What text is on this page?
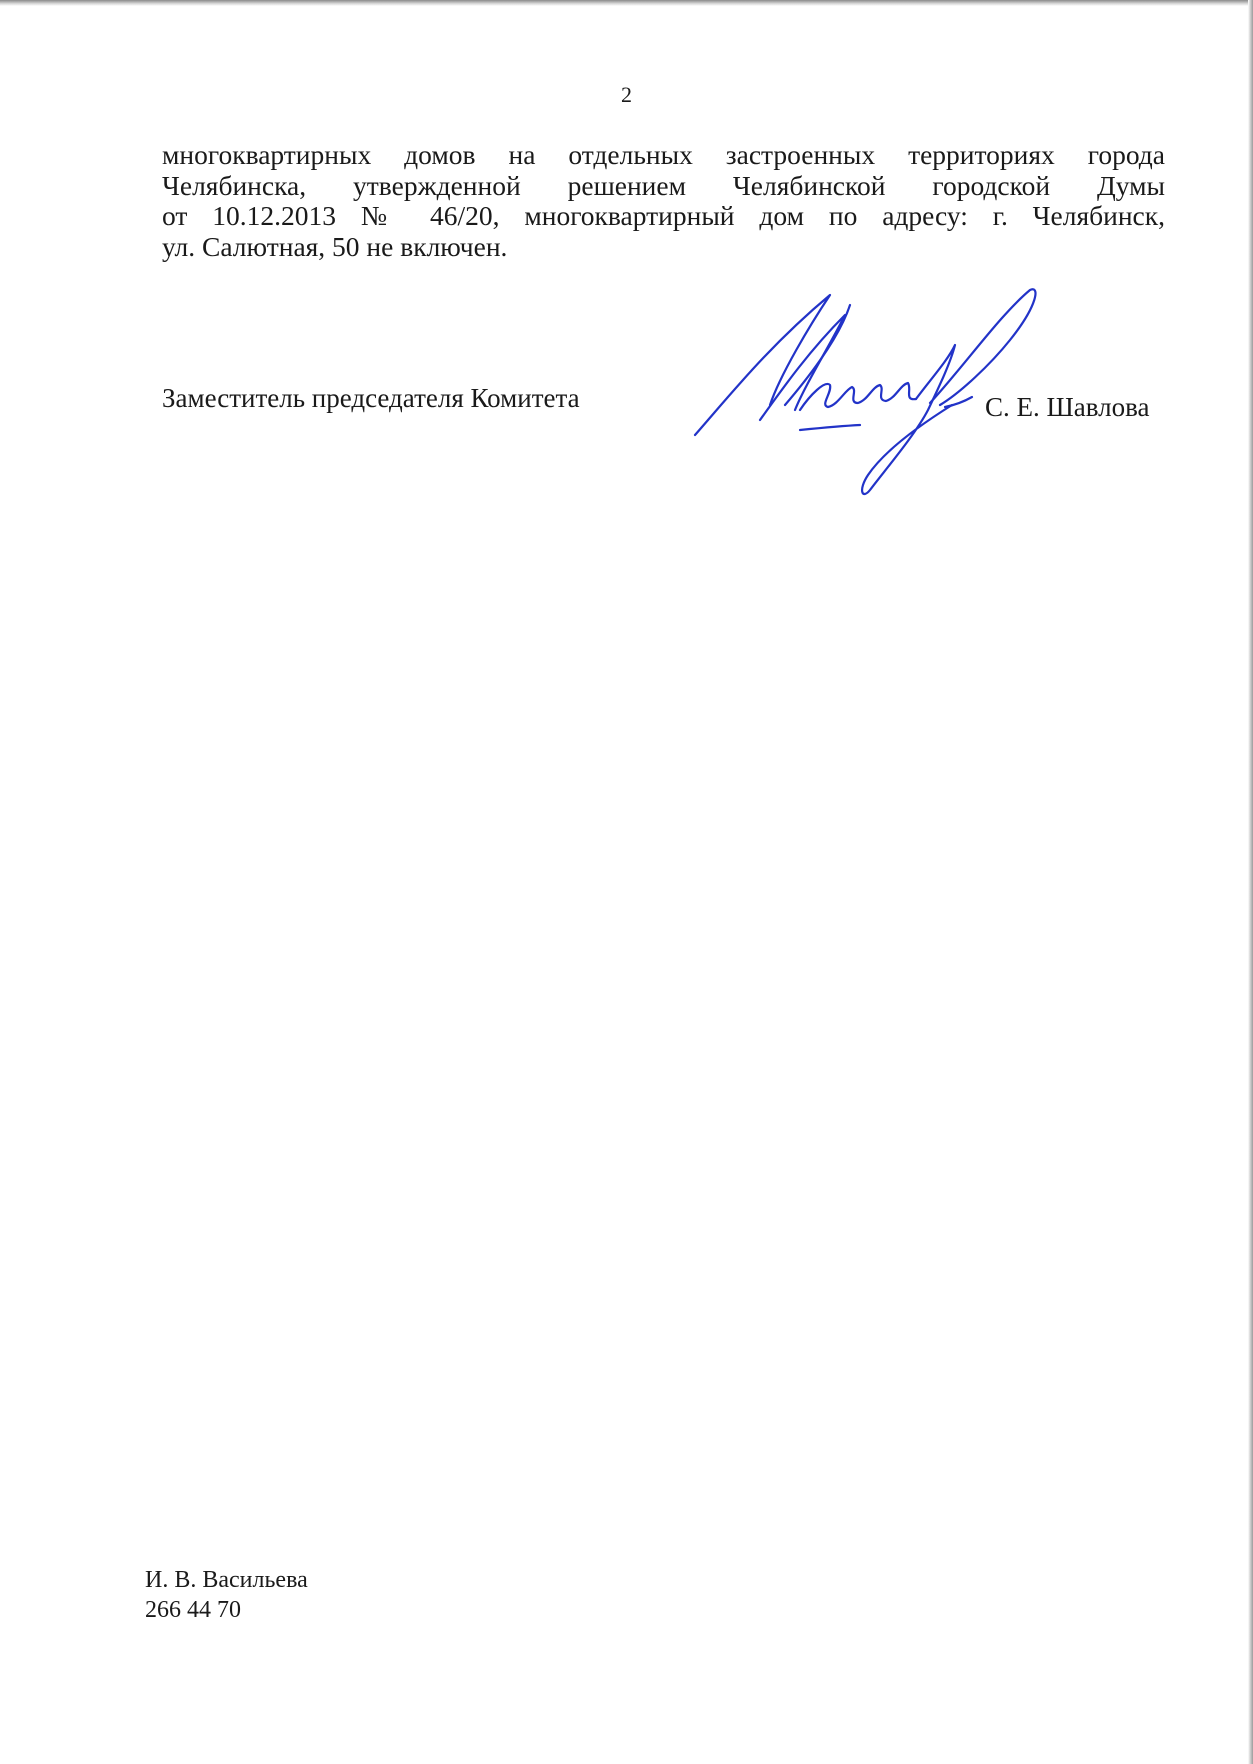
2
многоквартирных домов на отдельных застроенных территориях города
Челябинска, утвержденной решением Челябинской городской Думы
от 10.12.2013 № 46/20, многоквартирный дом по адресу: г. Челябинск,
ул. Салютная, 50 не включен.
Заместитель председателя Комитета	С. Е. Шавлова
И. В. Васильева
266 44 70
